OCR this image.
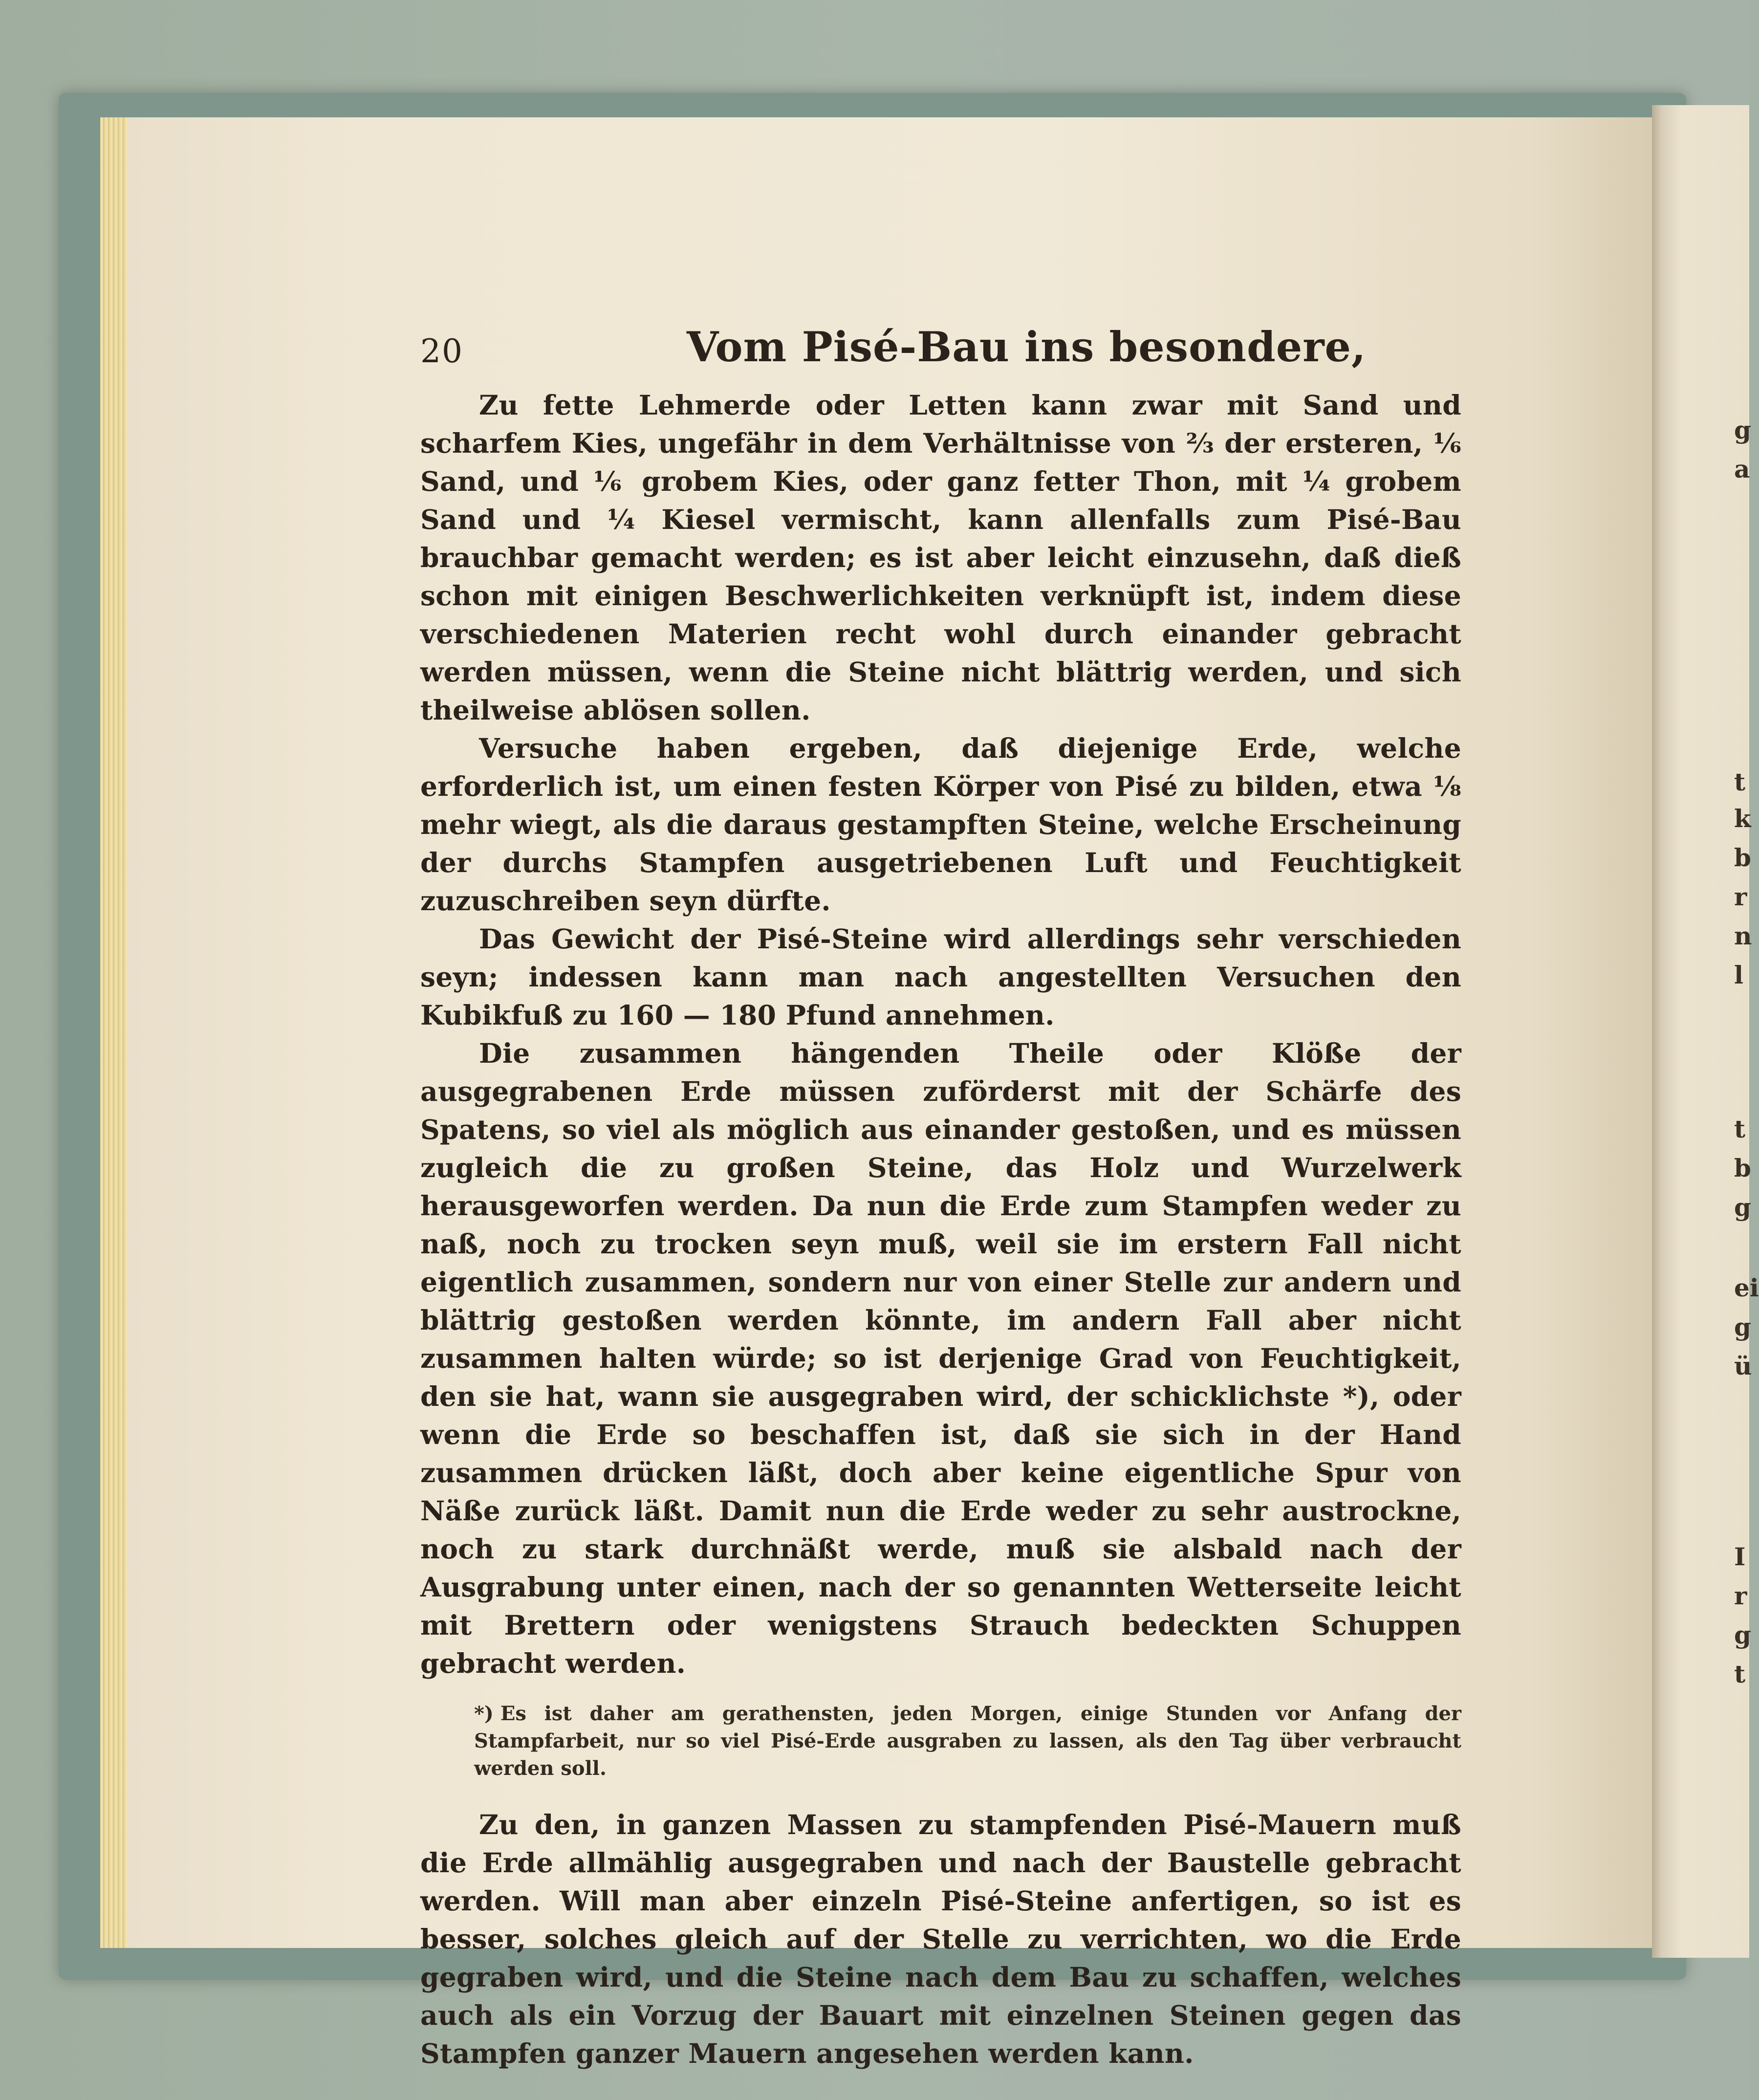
20	Vom Pisé-Bau ins besondere,

Zu fette Lehmerde oder Letten kann zwar mit Sand und scharfem Kies, ungefähr in dem Verhältnisse von ⅔ der ersteren, ⅙ Sand, und ⅙ grobem Kies, oder ganz fetter Thon, mit ¼ grobem Sand und ¼ Kiesel vermischt, kann allenfalls zum Pisé-Bau brauchbar gemacht werden; es ist aber leicht einzusehn, daß dieß schon mit einigen Beschwerlichkeiten verknüpft ist, indem diese verschiedenen Materien recht wohl durch einander gebracht werden müssen, wenn die Steine nicht blättrig werden, und sich theilweise ablösen sollen.

Versuche haben ergeben, daß diejenige Erde, welche erforderlich ist, um einen festen Körper von Pisé zu bilden, etwa ⅛ mehr wiegt, als die daraus gestampften Steine, welche Erscheinung der durchs Stampfen ausgetriebenen Luft und Feuchtigkeit zuzuschreiben seyn dürfte.

Das Gewicht der Pisé-Steine wird allerdings sehr verschieden seyn; indessen kann man nach angestellten Versuchen den Kubikfuß zu 160 — 180 Pfund annehmen.

Die zusammen hängenden Theile oder Klöße der ausgegrabenen Erde müssen zuförderst mit der Schärfe des Spatens, so viel als möglich aus einander gestoßen, und es müssen zugleich die zu großen Steine, das Holz und Wurzelwerk herausgeworfen werden. Da nun die Erde zum Stampfen weder zu naß, noch zu trocken seyn muß, weil sie im erstern Fall nicht eigentlich zusammen, sondern nur von einer Stelle zur andern und blättrig gestoßen werden könnte, im andern Fall aber nicht zusammen halten würde; so ist derjenige Grad von Feuchtigkeit, den sie hat, wann sie ausgegraben wird, der schicklichste *), oder wenn die Erde so beschaffen ist, daß sie sich in der Hand zusammen drücken läßt, doch aber keine eigentliche Spur von Näße zurück läßt. Damit nun die Erde weder zu sehr austrockne, noch zu stark durchnäßt werde, muß sie alsbald nach der Ausgrabung unter einen, nach der so genannten Wetterseite leicht mit Brettern oder wenigstens Strauch bedeckten Schuppen gebracht werden.

*) Es ist daher am gerathensten, jeden Morgen, einige Stunden vor Anfang der Stampfarbeit, nur so viel Pisé-Erde ausgraben zu lassen, als den Tag über verbraucht werden soll.

Zu den, in ganzen Massen zu stampfenden Pisé-Mauern muß die Erde allmählig ausgegraben und nach der Baustelle gebracht werden. Will man aber einzeln Pisé-Steine anfertigen, so ist es besser, solches gleich auf der Stelle zu verrichten, wo die Erde gegraben wird, und die Steine nach dem Bau zu schaffen, welches auch als ein Vorzug der Bauart mit einzelnen Steinen gegen das Stampfen ganzer Mauern angesehen werden kann.

g
a
t
k
b
r
n
l
t
b
g
ei
g
ü
I
r
g
t
